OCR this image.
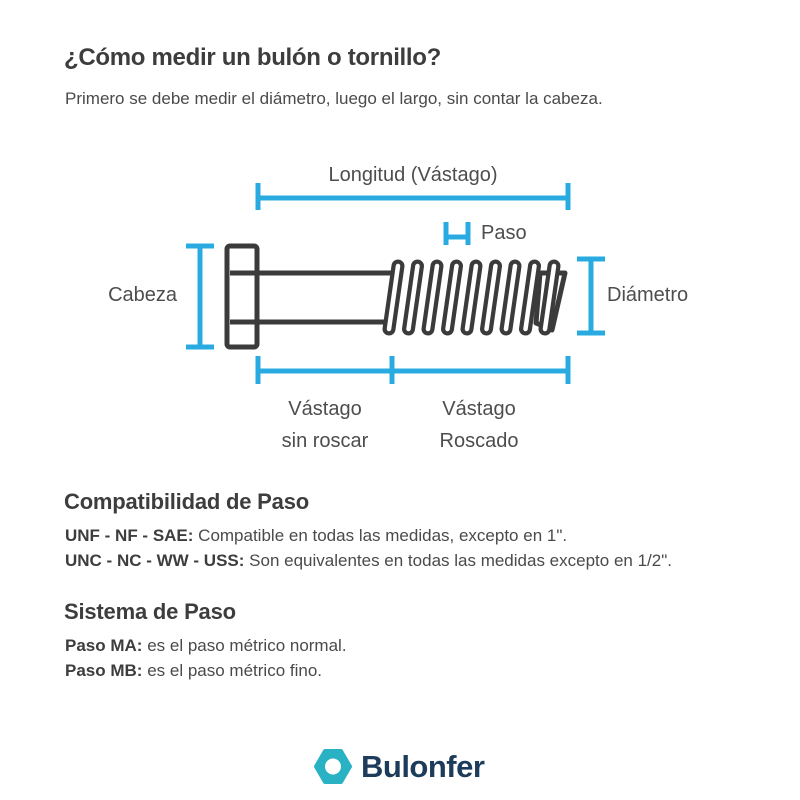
¿Cómo medir un bulón o tornillo?
Primero se debe medir el diámetro, luego el largo, sin contar la cabeza.
Longitud (Vástago)
Paso
Cabeza	Diámetro
Vástago
sin roscar
Vástago
Roscado
Compatibilidad de Paso
UNF - NF - SAE: Compatible en todas las medidas, excepto en 1".
UNC - NC - WW - USS: Son equivalentes en todas las medidas excepto en 1/2".
Sistema de Paso
Paso MA: es el paso métrico normal.
Paso MB: es el paso métrico fino.
Bulonfer
